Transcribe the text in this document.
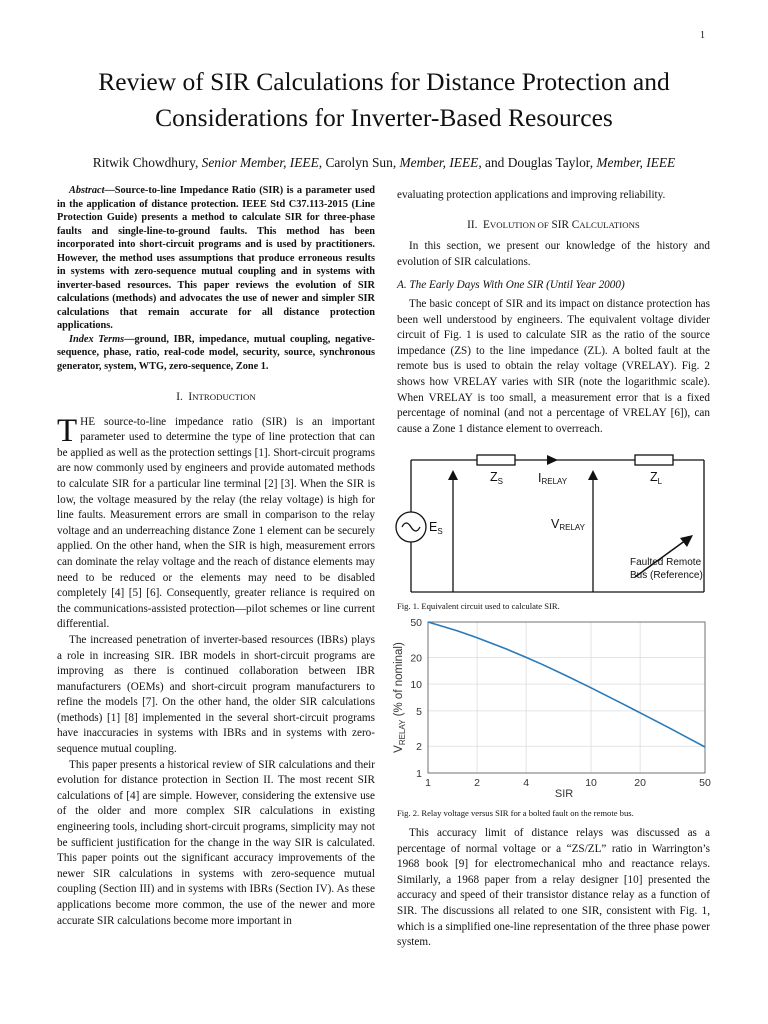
1
Review of SIR Calculations for Distance Protection and Considerations for Inverter-Based Resources
Ritwik Chowdhury, Senior Member, IEEE, Carolyn Sun, Member, IEEE, and Douglas Taylor, Member, IEEE

Abstract—Source-to-line Impedance Ratio (SIR) is a parameter used in the application of distance protection. IEEE Std C37.113-2015 (Line Protection Guide) presents a method to calculate SIR for three-phase faults and single-line-to-ground faults. This method has been incorporated into short-circuit programs and is used by practitioners. However, the method uses assumptions that produce erroneous results in systems with zero-sequence mutual coupling and in systems with inverter-based resources. This paper reviews the evolution of SIR calculations (methods) and advocates the use of newer and simpler SIR calculations that remain accurate for all distance protection applications.

Index Terms—ground, IBR, impedance, mutual coupling, negative-sequence, phase, ratio, real-code model, security, source, synchronous generator, system, WTG, zero-sequence, Zone 1.

I. INTRODUCTION

THE source-to-line impedance ratio (SIR) is an important parameter used to determine the type of line protection that can be applied as well as the protection settings [1]. Short-circuit programs are now commonly used by engineers and provide automated methods to calculate SIR for a particular line terminal [2] [3]. When the SIR is low, the voltage measured by the relay (the relay voltage) is high for line faults. Measurement errors are small in comparison to the relay voltage and an underreaching distance Zone 1 element can be securely applied. On the other hand, when the SIR is high, measurement errors can dominate the relay voltage and the reach of distance elements may need to be reduced or the elements may need to be disabled completely [4] [5] [6]. Consequently, greater reliance is required on the communications-assisted protection—pilot schemes or line current differential.

The increased penetration of inverter-based resources (IBRs) plays a role in increasing SIR. IBR models in short-circuit programs are improving as there is continued collaboration between IBR manufacturers (OEMs) and short-circuit program manufacturers to refine the models [7]. On the other hand, the older SIR calculations (methods) [1] [8] implemented in the several short-circuit programs have inaccuracies in systems with IBRs and in systems with zero-sequence mutual coupling.

This paper presents a historical review of SIR calculations and their evolution for distance protection in Section II. The most recent SIR calculations of [4] are simple. However, considering the extensive use of the older and more complex SIR calculations in existing engineering tools, including short-circuit programs, simplicity may not be sufficient justification for the change in the way SIR is calculated. This paper points out the significant accuracy improvements of the newer SIR calculations in systems with zero-sequence mutual coupling (Section III) and in systems with IBRs (Section IV). As these applications become more common, the use of the newer and more accurate SIR calculations become more important in

evaluating protection applications and improving reliability.

II. EVOLUTION OF SIR CALCULATIONS

In this section, we present our knowledge of the history and evolution of SIR calculations.

A. The Early Days With One SIR (Until Year 2000)

The basic concept of SIR and its impact on distance protection has been well understood by engineers. The equivalent voltage divider circuit of Fig. 1 is used to calculate SIR as the ratio of the source impedance (ZS) to the line impedance (ZL). A bolted fault at the remote bus is used to obtain the relay voltage (VRELAY). Fig. 2 shows how VRELAY varies with SIR (note the logarithmic scale). When VRELAY is too small, a measurement error that is a fixed percentage of nominal (and not a percentage of VRELAY [6]), can cause a Zone 1 distance element to overreach.

$Z_S$	IRELAY	$Z_L$
$E_S$
VRELAY
Faulted Remote
Bus (Reference)
Fig. 1. Equivalent circuit used to calculate SIR.
1	2	4	10	20	50
1
2
5
10
20
50
SIR
$V_{RELAY}$ (% of nominal)
Fig. 2. Relay voltage versus SIR for a bolted fault on the remote bus.

This accuracy limit of distance relays was discussed as a percentage of normal voltage or a “ZS/ZL” ratio in Warrington’s 1968 book [9] for electromechanical mho and reactance relays. Similarly, a 1968 paper from a relay designer [10] presented the accuracy and speed of their transistor distance relay as a function of SIR. The discussions all related to one SIR, consistent with Fig. 1, which is a simplified one-line representation of the three phase power system.
